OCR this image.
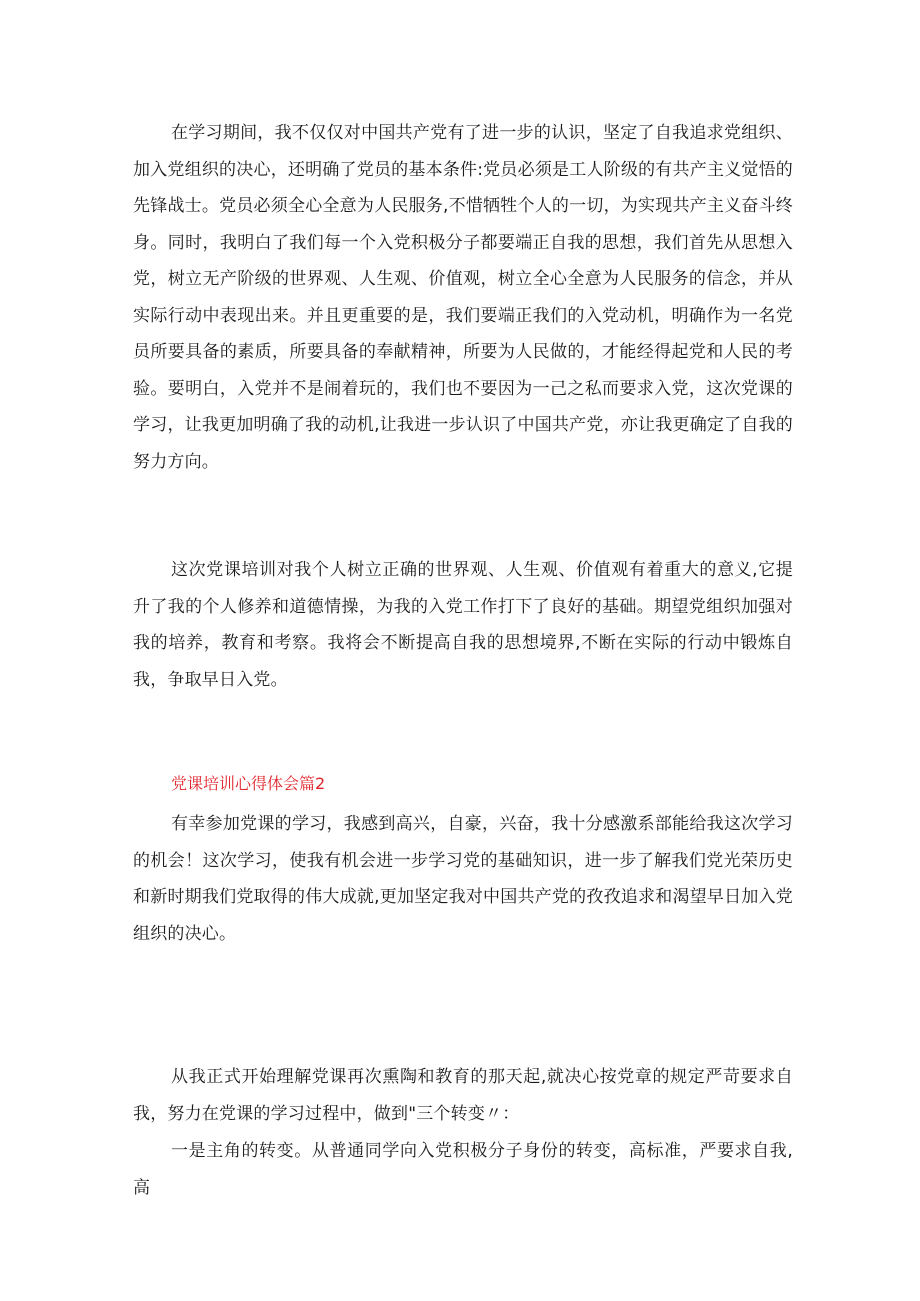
在学习期间，我不仅仅对中国共产党有了进一步的认识，坚定了自我追求党组织、加入党组织的决心，还明确了党员的基本条件:党员必须是工人阶级的有共产主义觉悟的先锋战士。党员必须全心全意为人民服务,不惜牺牲个人的一切，为实现共产主义奋斗终身。同时，我明白了我们每一个入党积极分子都要端正自我的思想，我们首先从思想入党，树立无产阶级的世界观、人生观、价值观，树立全心全意为人民服务的信念，并从实际行动中表现出来。并且更重要的是，我们要端正我们的入党动机，明确作为一名党员所要具备的素质，所要具备的奉献精神，所要为人民做的，才能经得起党和人民的考验。要明白，入党并不是闹着玩的，我们也不要因为一己之私而要求入党，这次党课的学习，让我更加明确了我的动机,让我进一步认识了中国共产党，亦让我更确定了自我的努力方向。

这次党课培训对我个人树立正确的世界观、人生观、价值观有着重大的意义,它提升了我的个人修养和道德情操，为我的入党工作打下了良好的基础。期望党组织加强对我的培养，教育和考察。我将会不断提高自我的思想境界,不断在实际的行动中锻炼自我，争取早日入党。

党课培训心得体会篇2

有幸参加党课的学习，我感到高兴，自豪，兴奋，我十分感激系部能给我这次学习的机会！这次学习，使我有机会进一步学习党的基础知识，进一步了解我们党光荣历史和新时期我们党取得的伟大成就,更加坚定我对中国共产党的孜孜追求和渴望早日加入党组织的决心。

从我正式开始理解党课再次熏陶和教育的那天起,就决心按党章的规定严苛要求自我，努力在党课的学习过程中，做到"三个转变〃：

一是主角的转变。从普通同学向入党积极分子身份的转变，高标准，严要求自我,高
